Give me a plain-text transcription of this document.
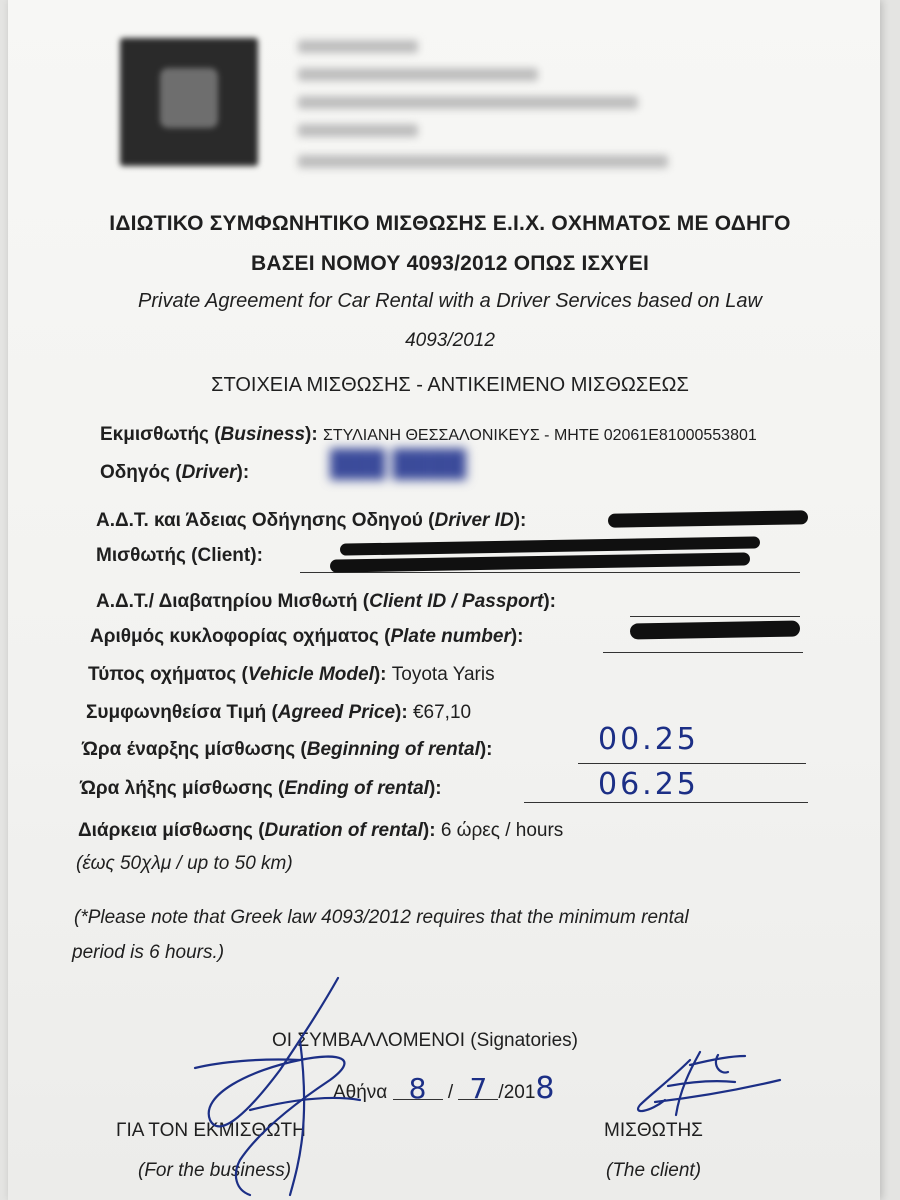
ΙΔΙΩΤΙΚΟ ΣΥΜΦΩΝΗΤΙΚΟ ΜΙΣΘΩΣΗΣ Ε.Ι.Χ. ΟΧΗΜΑΤΟΣ ΜΕ ΟΔΗΓΟ
ΒΑΣΕΙ ΝΟΜΟΥ 4093/2012 ΟΠΩΣ ΙΣΧΥΕΙ
Private Agreement for Car Rental with a Driver Services based on Law
4093/2012
ΣΤΟΙΧΕΙΑ ΜΙΣΘΩΣΗΣ - ΑΝΤΙΚΕΙΜΕΝΟ ΜΙΣΘΩΣΕΩΣ
Εκμισθωτής (Business): ΣΤΥΛΙΑΝΗ ΘΕΣΣΑΛΟΝΙΚΕΥΣ - ΜΗΤΕ 02061Ε81000553801
Οδηγός (Driver):	███ ████
Α.Δ.Τ. και Άδειας Οδήγησης Οδηγού (Driver ID):
Μισθωτής (Client):
Α.Δ.Τ./ Διαβατηρίου Μισθωτή (Client ID / Passport):
Αριθμός κυκλοφορίας οχήματος (Plate number):
Τύπος οχήματος (Vehicle Model): Toyota Yaris
Συμφωνηθείσα Τιμή (Agreed Price): €67,10
Ώρα έναρξης μίσθωσης (Beginning of rental):	00.25
Ώρα λήξης μίσθωσης (Ending of rental):	06.25
Διάρκεια μίσθωσης (Duration of rental): 6 ώρες / hours
(έως 50χλμ / up to 50 km)
(*Please note that Greek law 4093/2012 requires that the minimum rental
period is 6 hours.)
ΟΙ ΣΥΜΒΑΛΛΟΜΕΝΟΙ (Signatories)
Αθήνα 8 / 7 /2018
ΓΙΑ ΤΟΝ ΕΚΜΙΣΘΩΤΗ
(For the business)
ΜΙΣΘΩΤΗΣ
(The client)
